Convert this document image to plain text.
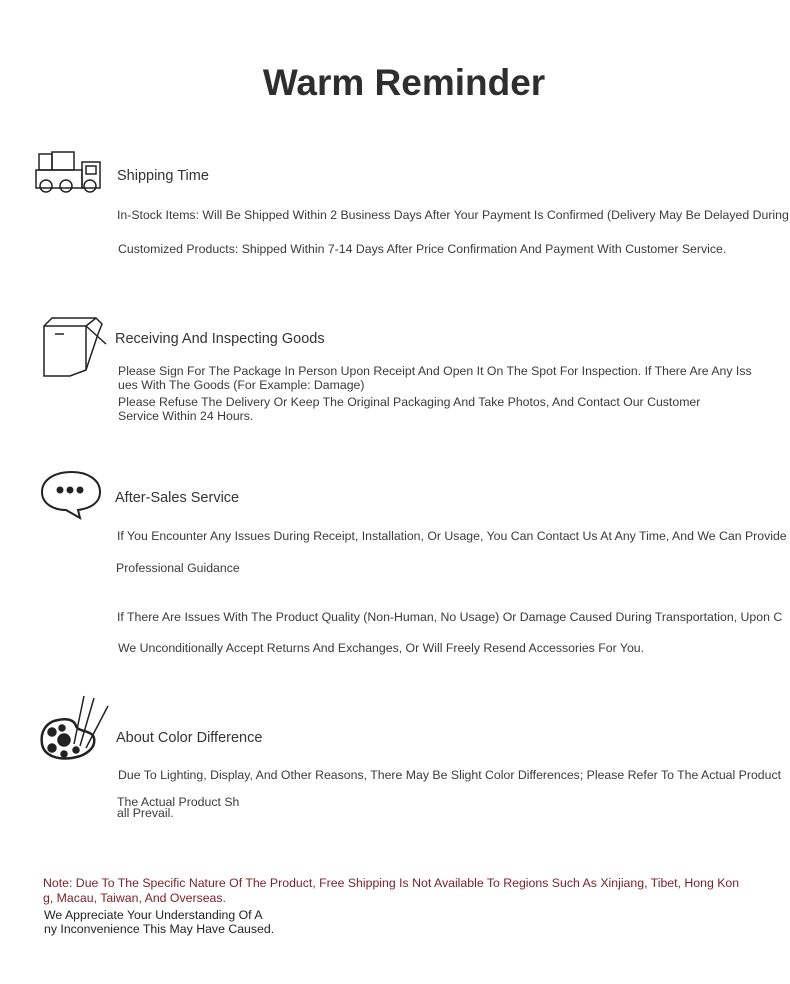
Warm Reminder
Shipping Time
In-Stock Items: Will Be Shipped Within 2 Business Days After Your Payment Is Confirmed (Delivery May Be Delayed During
Customized Products: Shipped Within 7-14 Days After Price Confirmation And Payment With Customer Service.
Receiving And Inspecting Goods
Please Sign For The Package In Person Upon Receipt And Open It On The Spot For Inspection. If There Are Any Iss
ues With The Goods (For Example: Damage)
Please Refuse The Delivery Or Keep The Original Packaging And Take Photos, And Contact Our Customer
Service Within 24 Hours.
After-Sales Service
If You Encounter Any Issues During Receipt, Installation, Or Usage, You Can Contact Us At Any Time, And We Can Provide
Professional Guidance
If There Are Issues With The Product Quality (Non-Human, No Usage) Or Damage Caused During Transportation, Upon C
We Unconditionally Accept Returns And Exchanges, Or Will Freely Resend Accessories For You.
About Color Difference
Due To Lighting, Display, And Other Reasons, There May Be Slight Color Differences; Please Refer To The Actual Product
The Actual Product Sh
all Prevail.
Note: Due To The Specific Nature Of The Product, Free Shipping Is Not Available To Regions Such As Xinjiang, Tibet, Hong Kon
g, Macau, Taiwan, And Overseas.
We Appreciate Your Understanding Of A
ny Inconvenience This May Have Caused.
